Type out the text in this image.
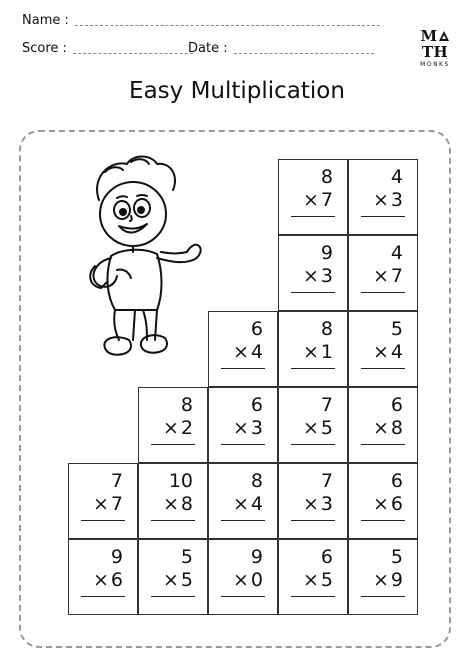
Name :
Score :	Date :
MTH
MONKS
Easy Multiplication
8
× 7
4
× 3
9
× 3
4
× 7
6
× 4
8
× 1
5
× 4
8
× 2
6
× 3
7
× 5
6
× 8
7
× 7
10
× 8
8
× 4
7
× 3
6
× 6
9
× 6
5
× 5
9
× 0
6
× 5
5
× 9
